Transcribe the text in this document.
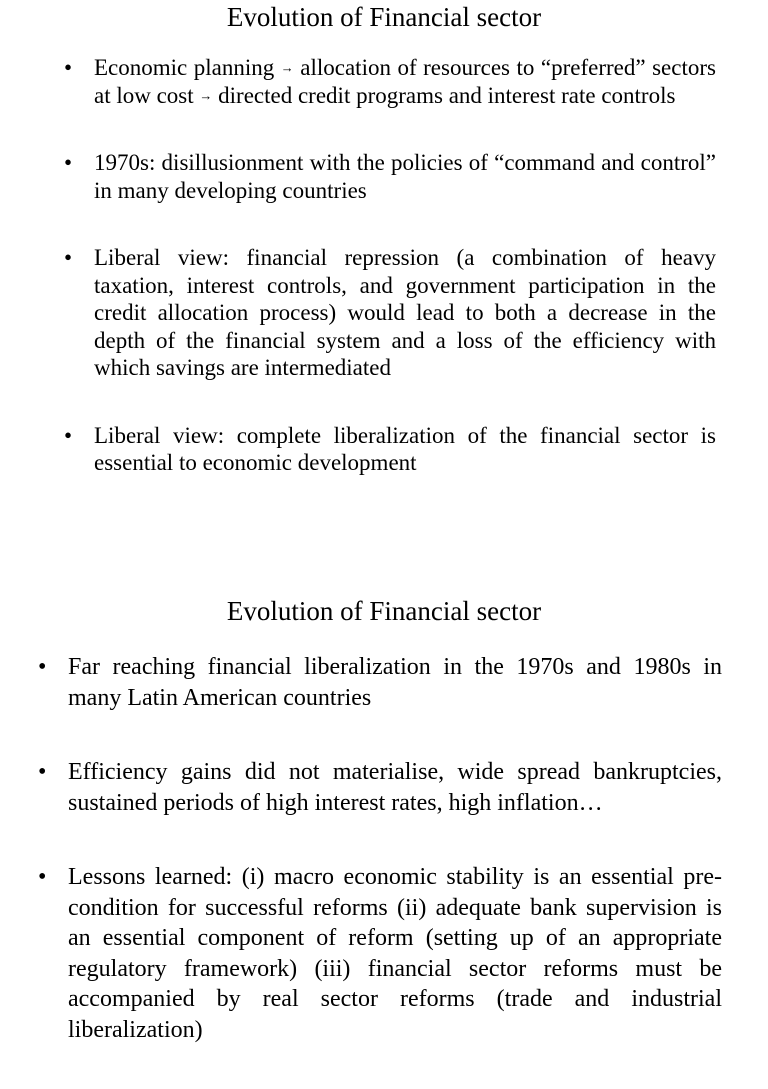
Evolution of Financial sector
• Economic planning → allocation of resources to “preferred” sectors at low cost → directed credit programs and interest rate controls
• 1970s: disillusionment with the policies of “command and control” in many developing countries
• Liberal view: financial repression (a combination of heavy taxation, interest controls, and government participation in the credit allocation process) would lead to both a decrease in the depth of the financial system and a loss of the efficiency with which savings are intermediated
• Liberal view: complete liberalization of the financial sector is essential to economic development
Evolution of Financial sector
• Far reaching financial liberalization in the 1970s and 1980s in many Latin American countries
• Efficiency gains did not materialise, wide spread bankruptcies, sustained periods of high interest rates, high inflation…
• Lessons learned: (i) macro economic stability is an essential pre-condition for successful reforms (ii) adequate bank supervision is an essential component of reform (setting up of an appropriate regulatory framework) (iii) financial sector reforms must be accompanied by real sector reforms (trade and industrial liberalization)
